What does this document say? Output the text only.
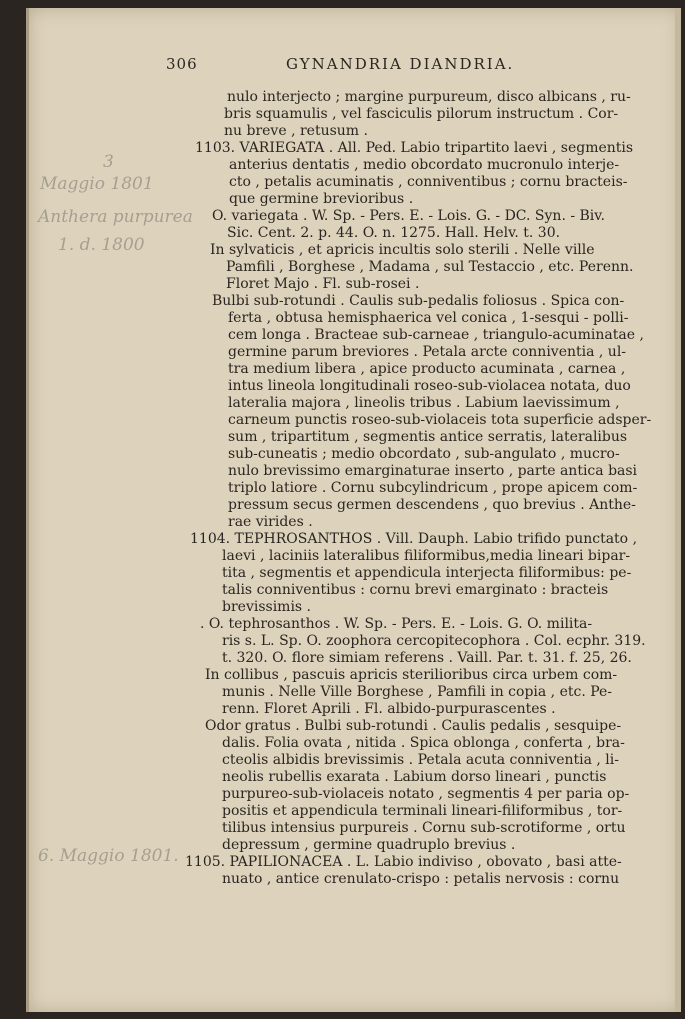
306	GYNANDRIA DIANDRIA.
nulo interjecto ; margine purpureum, disco albicans , ru-
bris squamulis , vel fasciculis pilorum instructum . Cor-
nu breve , retusum .
1103. VARIEGATA . All. Ped. Labio tripartito laevi , segmentis
anterius dentatis , medio obcordato mucronulo interje-
cto , petalis acuminatis , conniventibus ; cornu bracteis-
que germine brevioribus .
O. variegata . W. Sp. - Pers. E. - Lois. G. - DC. Syn. - Biv.
Sic. Cent. 2. p. 44. O. n. 1275. Hall. Helv. t. 30.
In sylvaticis , et apricis incultis solo sterili . Nelle ville
Pamfili , Borghese , Madama , sul Testaccio , etc. Perenn.
Floret Majo . Fl. sub-rosei .
Bulbi sub-rotundi . Caulis sub-pedalis foliosus . Spica con-
ferta , obtusa hemisphaerica vel conica , 1-sesqui - polli-
cem longa . Bracteae sub-carneae , triangulo-acuminatae ,
germine parum breviores . Petala arcte conniventia , ul-
tra medium libera , apice producto acuminata , carnea ,
intus lineola longitudinali roseo-sub-violacea notata, duo
lateralia majora , lineolis tribus . Labium laevissimum ,
carneum punctis roseo-sub-violaceis tota superficie adsper-
sum , tripartitum , segmentis antice serratis, lateralibus
sub-cuneatis ; medio obcordato , sub-angulato , mucro-
nulo brevissimo emarginaturae inserto , parte antica basi
triplo latiore . Cornu subcylindricum , prope apicem com-
pressum secus germen descendens , quo brevius . Anthe-
rae virides .
1104. TEPHROSANTHOS . Vill. Dauph. Labio trifido punctato ,
laevi , laciniis lateralibus filiformibus,media lineari bipar-
tita , segmentis et appendicula interjecta filiformibus: pe-
talis conniventibus : cornu brevi emarginato : bracteis
brevissimis .
. O. tephrosanthos . W. Sp. - Pers. E. - Lois. G. O. milita-
ris s. L. Sp. O. zoophora cercopitecophora . Col. ecphr. 319.
t. 320. O. flore simiam referens . Vaill. Par. t. 31. f. 25, 26.
In collibus , pascuis apricis sterilioribus circa urbem com-
munis . Nelle Ville Borghese , Pamfili in copia , etc. Pe-
renn. Floret Aprili . Fl. albido-purpurascentes .
Odor gratus . Bulbi sub-rotundi . Caulis pedalis , sesquipe-
dalis. Folia ovata , nitida . Spica oblonga , conferta , bra-
cteolis albidis brevissimis . Petala acuta conniventia , li-
neolis rubellis exarata . Labium dorso lineari , punctis
purpureo-sub-violaceis notato , segmentis 4 per paria op-
positis et appendicula terminali lineari-filiformibus , tor-
tilibus intensius purpureis . Cornu sub-scrotiforme , ortu
depressum , germine quadruplo brevius .
1105. PAPILIONACEA . L. Labio indiviso , obovato , basi atte-
nuato , antice crenulato-crispo : petalis nervosis : cornu
3
Maggio 1801
Anthera purpurea
1. d. 1800
6. Maggio 1801.
